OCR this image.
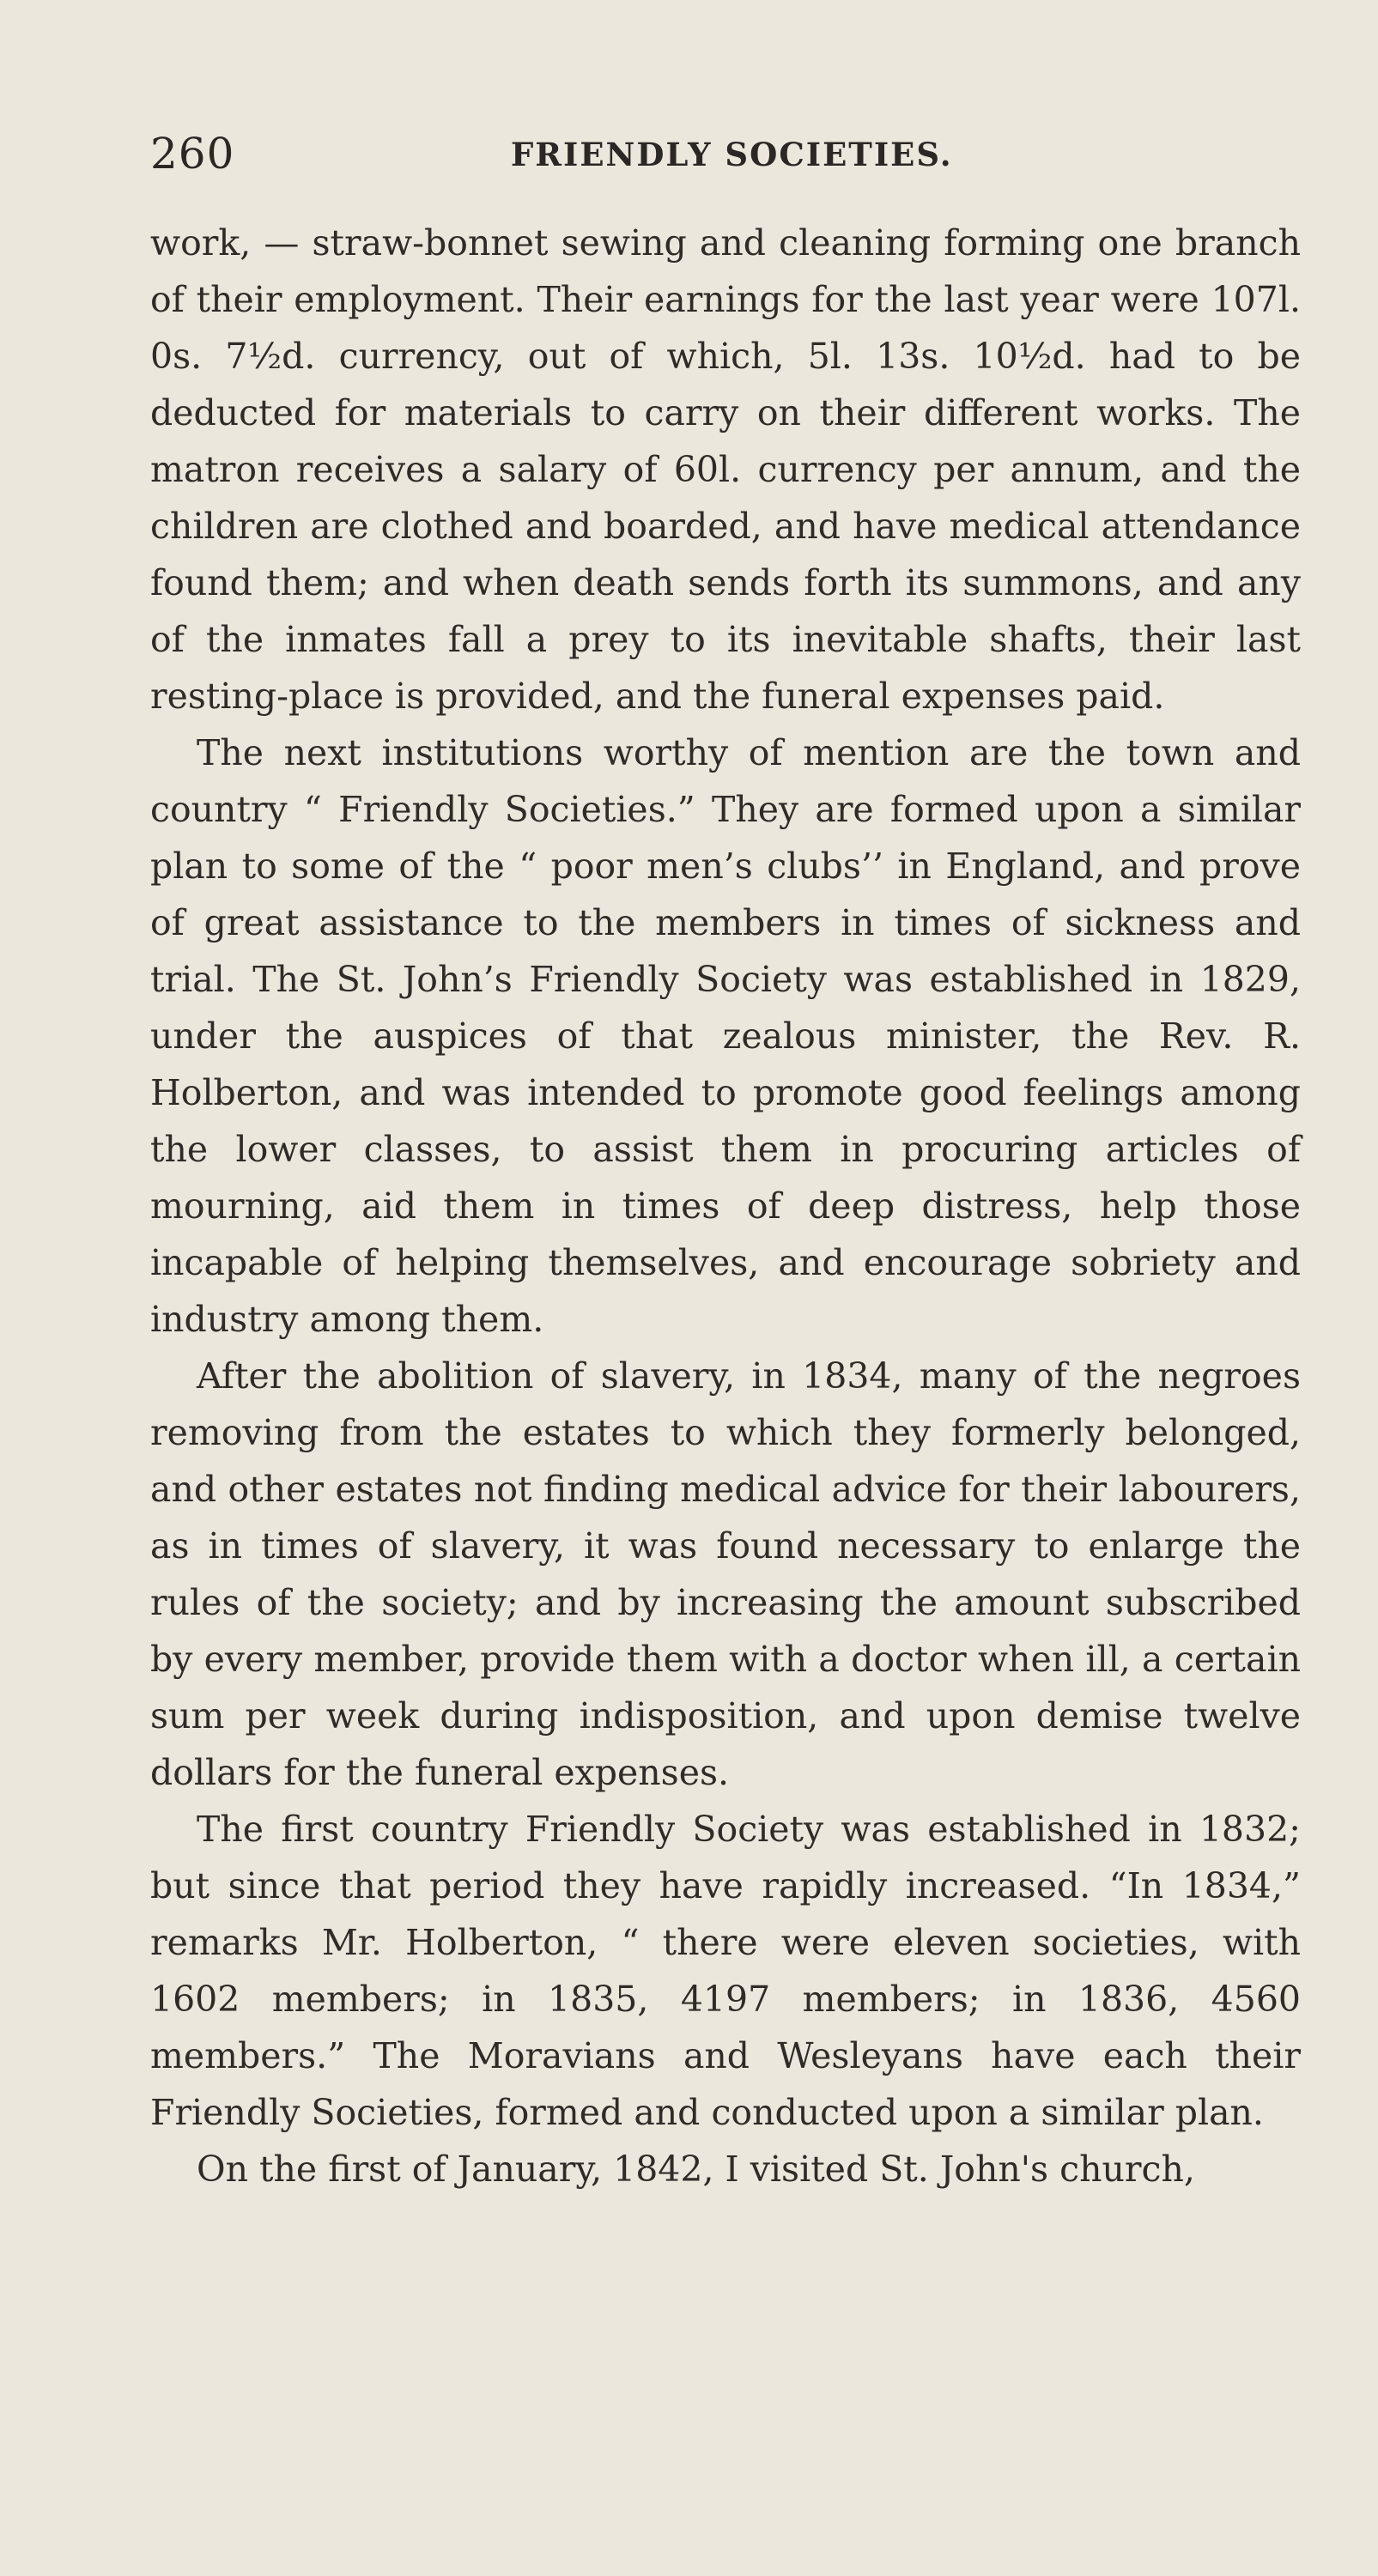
260	FRIENDLY SOCIETIES.

work, — straw-bonnet sewing and cleaning forming one branch of their employment. Their earnings for the last year were 107l. 0s. 7½d. currency, out of which, 5l. 13s. 10½d. had to be deducted for materials to carry on their different works. The matron receives a salary of 60l. currency per annum, and the children are clothed and boarded, and have medical attendance found them; and when death sends forth its summons, and any of the inmates fall a prey to its inevitable shafts, their last resting-place is provided, and the funeral expenses paid.

The next institutions worthy of mention are the town and country “ Friendly Societies.” They are formed upon a similar plan to some of the “ poor men’s clubs’’ in England, and prove of great assistance to the members in times of sickness and trial. The St. John’s Friendly Society was established in 1829, under the auspices of that zealous minister, the Rev. R. Holberton, and was intended to promote good feelings among the lower classes, to assist them in procuring articles of mourning, aid them in times of deep distress, help those incapable of helping themselves, and encourage sobriety and industry among them.

After the abolition of slavery, in 1834, many of the negroes removing from the estates to which they formerly belonged, and other estates not finding medical advice for their labourers, as in times of slavery, it was found necessary to enlarge the rules of the society; and by increasing the amount subscribed by every member, provide them with a doctor when ill, a certain sum per week during indisposition, and upon demise twelve dollars for the funeral expenses.

The first country Friendly Society was established in 1832; but since that period they have rapidly increased. “In 1834,” remarks Mr. Holberton, “ there were eleven societies, with 1602 members; in 1835, 4197 members; in 1836, 4560 members.” The Moravians and Wesleyans have each their Friendly Societies, formed and conducted upon a similar plan.

On the first of January, 1842, I visited St. John's church,
